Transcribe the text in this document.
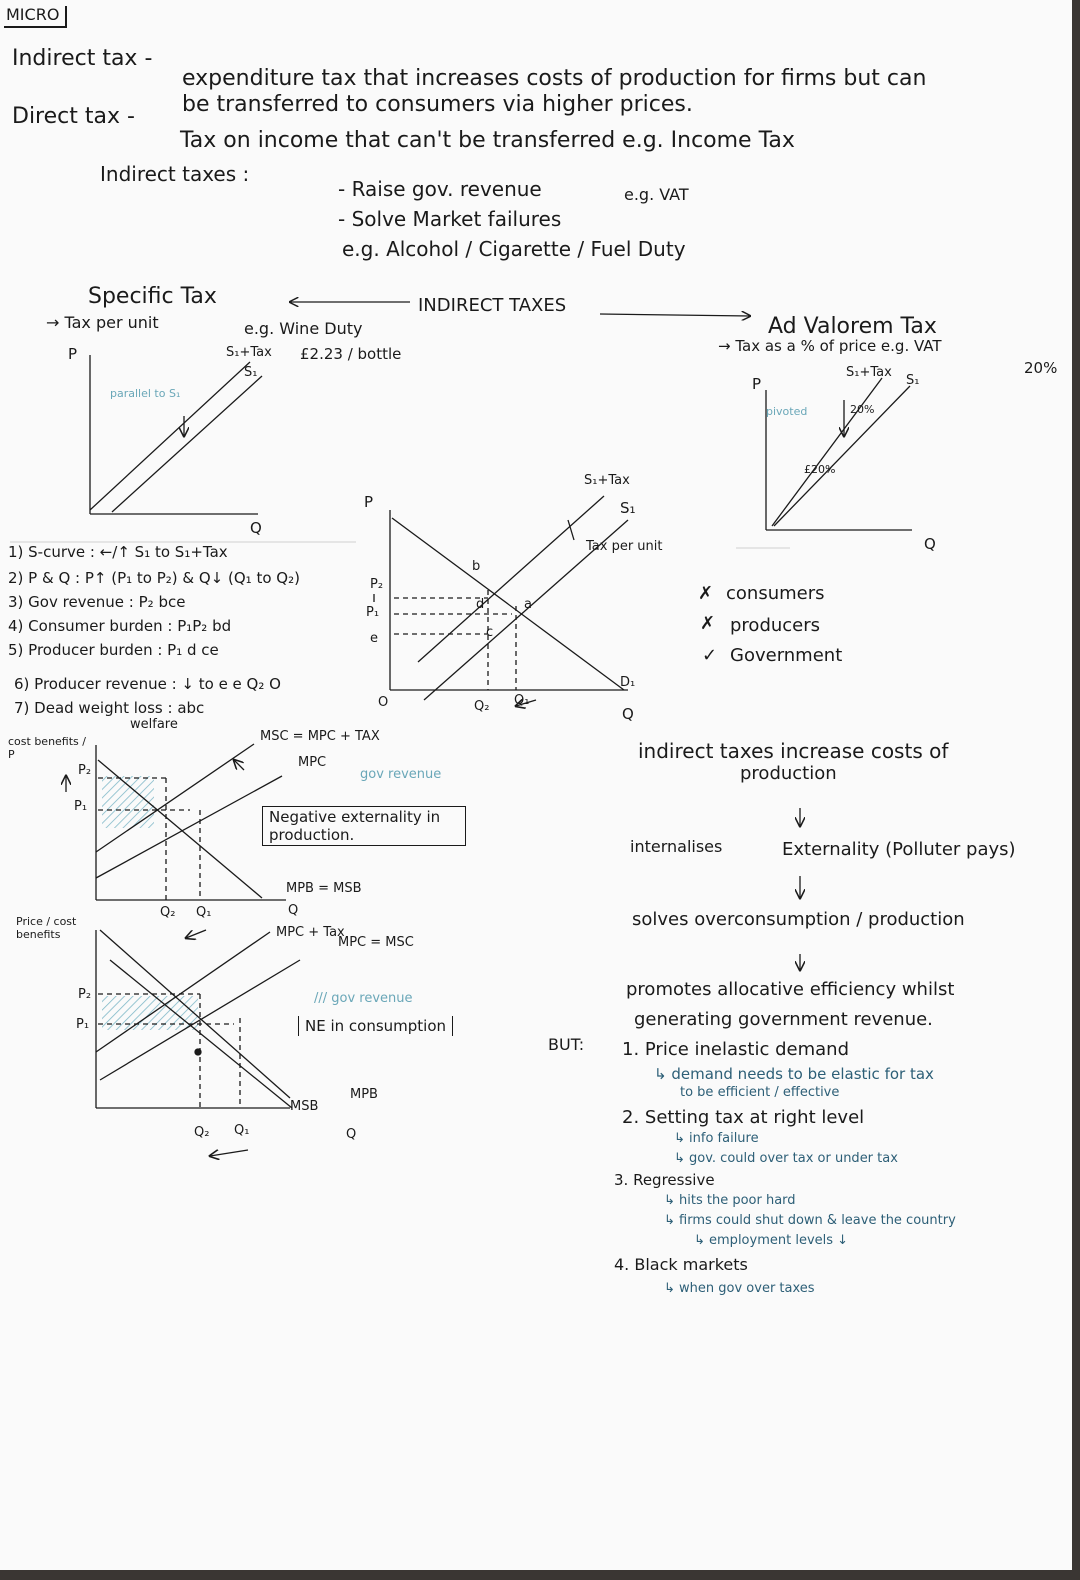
MICRO
Indirect tax -
expenditure tax that increases costs of production for firms but can
be transferred to consumers via higher prices.
Direct tax -
Tax on income that can't be transferred e.g. Income Tax
Indirect taxes :
- Raise gov. revenue	e.g. VAT
- Solve Market failures
e.g. Alcohol / Cigarette / Fuel Duty
Specific Tax
→ Tax per unit	e.g. Wine Duty
£2.23 / bottle
INDIRECT TAXES
Ad Valorem Tax
→ Tax as a % of price e.g. VAT
20%
P
Q
S₁+Tax
S₁
parallel to S₁
P
Q
S₁+Tax
S₁
pivoted	20%
£20%
1) S-curve : ←/↑ S₁ to S₁+Tax
2) P & Q : P↑ (P₁ to P₂) & Q↓ (Q₁ to Q₂)
3) Gov revenue : P₂ bce
4) Consumer burden : P₁P₂ bd
5) Producer burden : P₁ d ce
6) Producer revenue : ↓ to e e Q₂ O
7) Dead weight loss : abc
welfare
P
Q
O
S₁+Tax
S₁
Tax per unit
D₁
P₂
P₁
Q₂ Q₁
a
b
c
d
e
✗ consumers
✗ producers
✓ Government
cost benefits / P
MSC = MPC + TAX
MPC
MPB = MSB
Q
P₂
P₁
Q₂ Q₁
gov revenue
Negative externality in production.
Price / cost benefits	MPC + Tax
MPC = MSC
MSB
MPB
Q
P₂
P₁
Q₂ Q₁
/// gov revenue
NE in consumption
indirect taxes increase costs of
production
internalises	Externality (Polluter pays)
solves overconsumption / production
promotes allocative efficiency whilst
generating government revenue.
BUT: 1. Price inelastic demand
↳ demand needs to be elastic for tax
to be efficient / effective
2. Setting tax at right level
↳ info failure
↳ gov. could over tax or under tax
3. Regressive
↳ hits the poor hard
↳ firms could shut down & leave the country
↳ employment levels ↓
4. Black markets
↳ when gov over taxes
